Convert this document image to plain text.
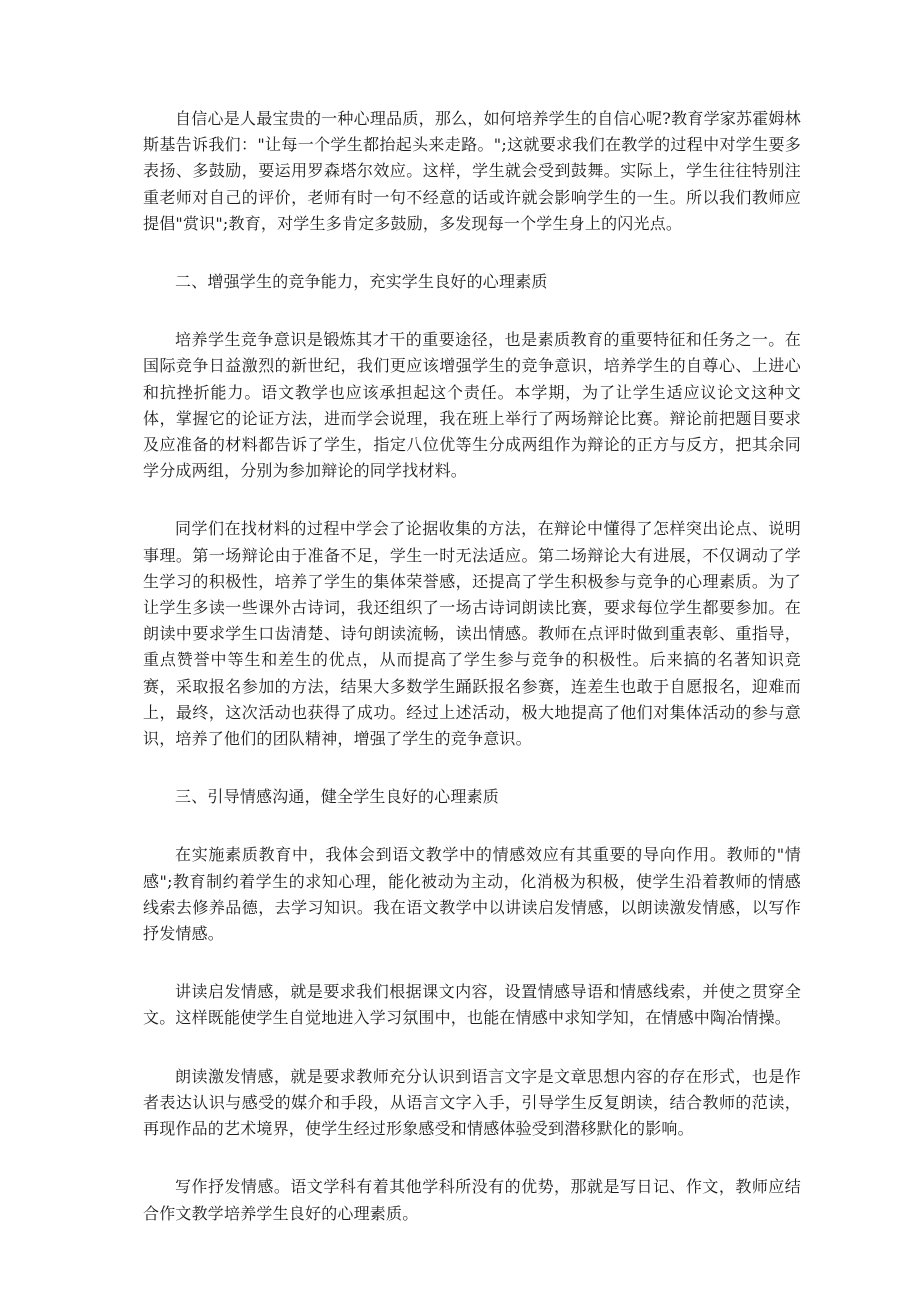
自信心是人最宝贵的一种心理品质，那么，如何培养学生的自信心呢?教育学家苏霍姆林斯基告诉我们："让每一个学生都抬起头来走路。";这就要求我们在教学的过程中对学生要多表扬、多鼓励，要运用罗森塔尔效应。这样，学生就会受到鼓舞。实际上，学生往往特别注重老师对自己的评价，老师有时一句不经意的话或许就会影响学生的一生。所以我们教师应提倡"赏识";教育，对学生多肯定多鼓励，多发现每一个学生身上的闪光点。

二、增强学生的竞争能力，充实学生良好的心理素质

培养学生竞争意识是锻炼其才干的重要途径，也是素质教育的重要特征和任务之一。在国际竞争日益激烈的新世纪，我们更应该增强学生的竞争意识，培养学生的自尊心、上进心和抗挫折能力。语文教学也应该承担起这个责任。本学期，为了让学生适应议论文这种文体，掌握它的论证方法，进而学会说理，我在班上举行了两场辩论比赛。辩论前把题目要求及应准备的材料都告诉了学生，指定八位优等生分成两组作为辩论的正方与反方，把其余同学分成两组，分别为参加辩论的同学找材料。

同学们在找材料的过程中学会了论据收集的方法，在辩论中懂得了怎样突出论点、说明事理。第一场辩论由于准备不足，学生一时无法适应。第二场辩论大有进展，不仅调动了学生学习的积极性，培养了学生的集体荣誉感，还提高了学生积极参与竞争的心理素质。为了让学生多读一些课外古诗词，我还组织了一场古诗词朗读比赛，要求每位学生都要参加。在朗读中要求学生口齿清楚、诗句朗读流畅，读出情感。教师在点评时做到重表彰、重指导，重点赞誉中等生和差生的优点，从而提高了学生参与竞争的积极性。后来搞的名著知识竞赛，采取报名参加的方法，结果大多数学生踊跃报名参赛，连差生也敢于自愿报名，迎难而上，最终，这次活动也获得了成功。经过上述活动，极大地提高了他们对集体活动的参与意识，培养了他们的团队精神，增强了学生的竞争意识。

三、引导情感沟通，健全学生良好的心理素质

在实施素质教育中，我体会到语文教学中的情感效应有其重要的导向作用。教师的"情感";教育制约着学生的求知心理，能化被动为主动，化消极为积极，使学生沿着教师的情感线索去修养品德，去学习知识。我在语文教学中以讲读启发情感，以朗读激发情感，以写作抒发情感。

讲读启发情感，就是要求我们根据课文内容，设置情感导语和情感线索，并使之贯穿全文。这样既能使学生自觉地进入学习氛围中，也能在情感中求知学知，在情感中陶冶情操。

朗读激发情感，就是要求教师充分认识到语言文字是文章思想内容的存在形式，也是作者表达认识与感受的媒介和手段，从语言文字入手，引导学生反复朗读，结合教师的范读，再现作品的艺术境界，使学生经过形象感受和情感体验受到潜移默化的影响。

写作抒发情感。语文学科有着其他学科所没有的优势，那就是写日记、作文，教师应结合作文教学培养学生良好的心理素质。
